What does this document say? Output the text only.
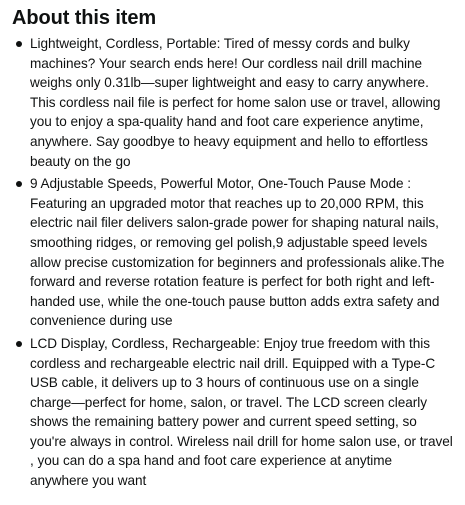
About this item
Lightweight, Cordless, Portable: Tired of messy cords and bulky machines? Your search ends here! Our cordless nail drill machine weighs only 0.31lb—super lightweight and easy to carry anywhere. This cordless nail file is perfect for home salon use or travel, allowing you to enjoy a spa-quality hand and foot care experience anytime, anywhere. Say goodbye to heavy equipment and hello to effortless beauty on the go
9 Adjustable Speeds, Powerful Motor, One-Touch Pause Mode : Featuring an upgraded motor that reaches up to 20,000 RPM, this electric nail filer delivers salon-grade power for shaping natural nails, smoothing ridges, or removing gel polish,9 adjustable speed levels allow precise customization for beginners and professionals alike.The forward and reverse rotation feature is perfect for both right and left-handed use, while the one-touch pause button adds extra safety and convenience during use
LCD Display, Cordless, Rechargeable: Enjoy true freedom with this cordless and rechargeable electric nail drill. Equipped with a Type-C USB cable, it delivers up to 3 hours of continuous use on a single charge—perfect for home, salon, or travel. The LCD screen clearly shows the remaining battery power and current speed setting, so you're always in control. Wireless nail drill for home salon use, or travel , you can do a spa hand and foot care experience at anytime anywhere you want
